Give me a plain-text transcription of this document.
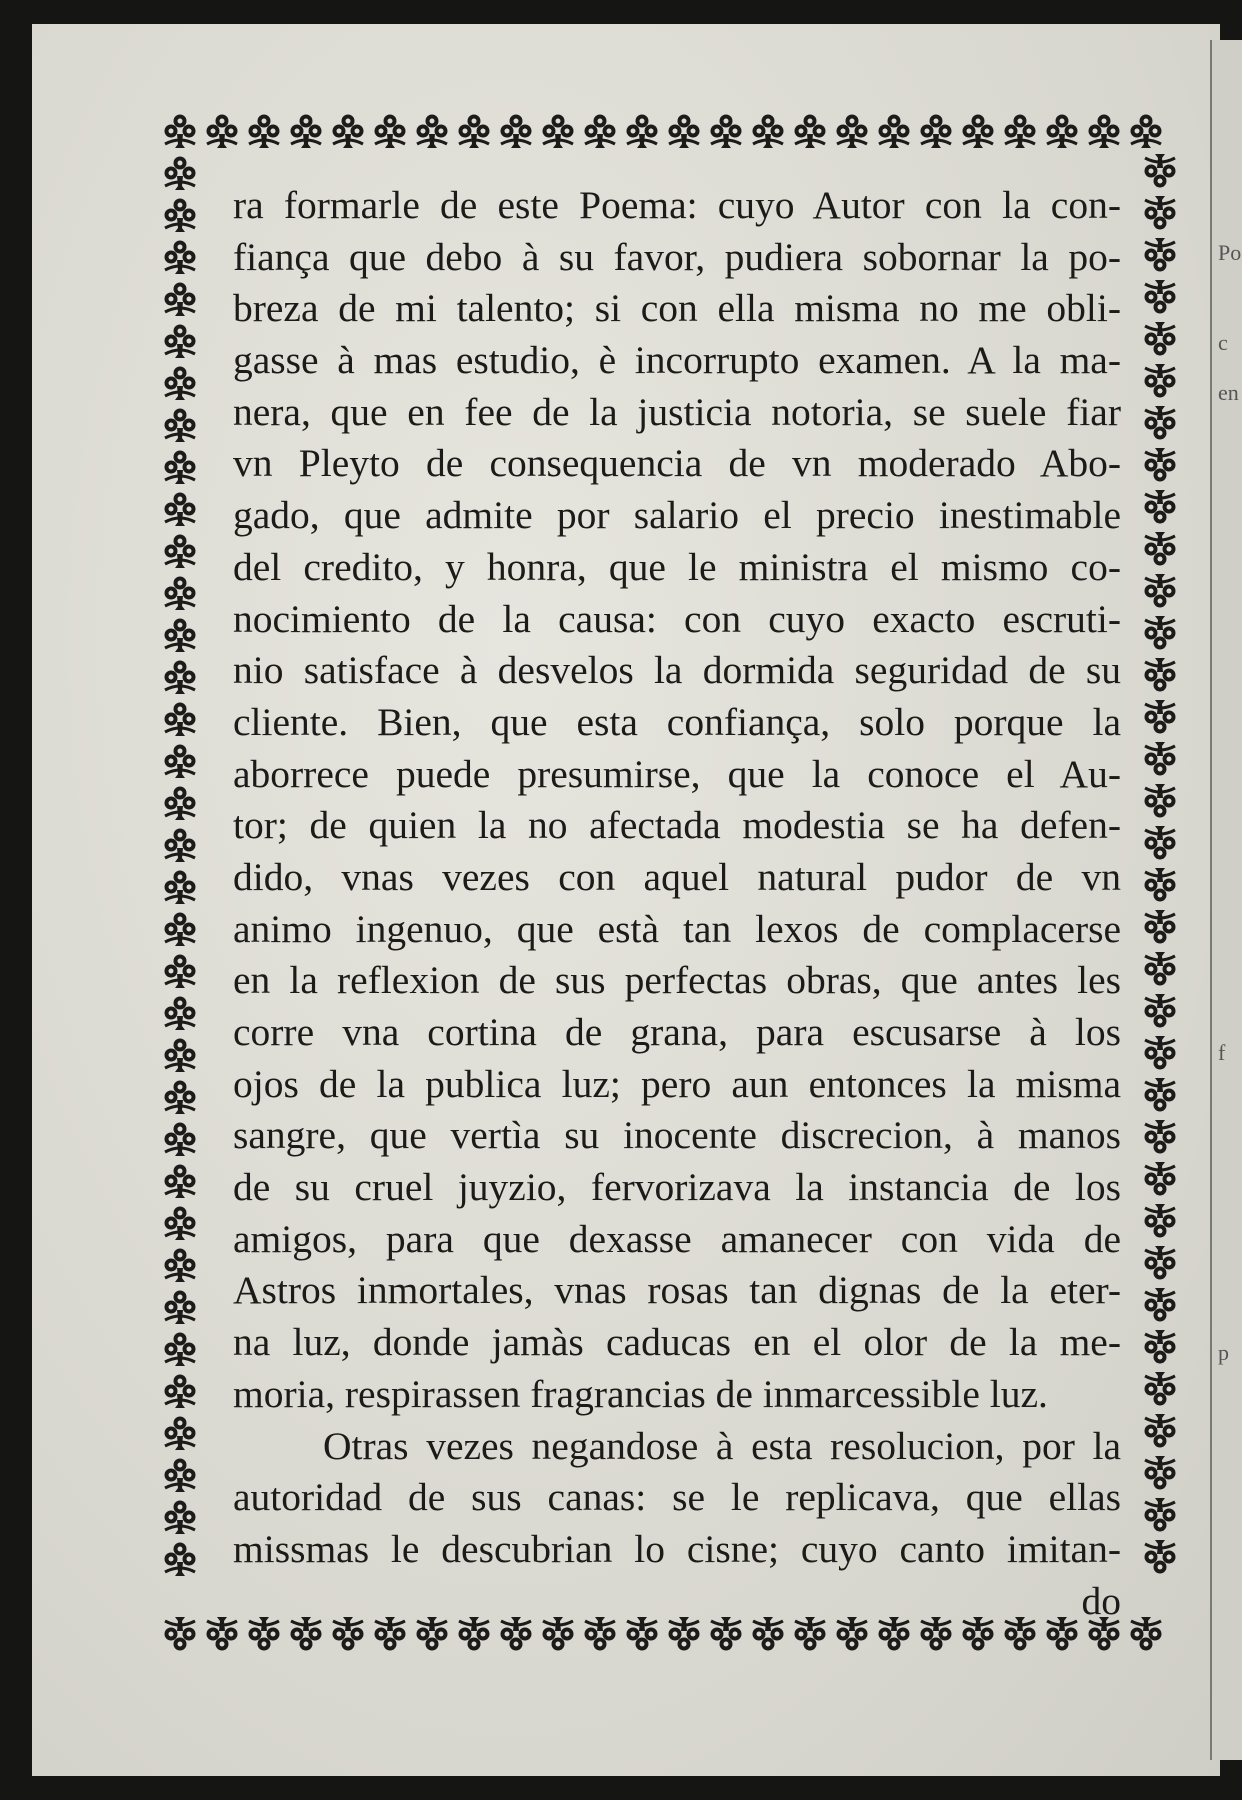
Po
c
en
f
p
ra formarle de este Poema: cuyo Autor con la con-
fiança que debo à su favor, pudiera sobornar la po-
breza de mi talento; si con ella misma no me obli-
gasse à mas estudio, è incorrupto examen. A la ma-
nera, que en fee de la justicia notoria, se suele fiar
vn Pleyto de consequencia de vn moderado Abo-
gado, que admite por salario el precio inestimable
del credito, y honra, que le ministra el mismo co-
nocimiento de la causa: con cuyo exacto escruti-
nio satisface à desvelos la dormida seguridad de su
cliente. Bien, que esta confiança, solo porque la
aborrece puede presumirse, que la conoce el Au-
tor; de quien la no afectada modestia se ha defen-
dido, vnas vezes con aquel natural pudor de vn
animo ingenuo, que està tan lexos de complacerse
en la reflexion de sus perfectas obras, que antes les
corre vna cortina de grana, para escusarse à los
ojos de la publica luz; pero aun entonces la misma
sangre, que vertìa su inocente discrecion, à manos
de su cruel juyzio, fervorizava la instancia de los
amigos, para que dexasse amanecer con vida de
Astros inmortales, vnas rosas tan dignas de la eter-
na luz, donde jamàs caducas en el olor de la me-
moria, respirassen fragrancias de inmarcessible luz.
Otras vezes negandose à esta resolucion, por la
autoridad de sus canas: se le replicava, que ellas
missmas le descubrian lo cisne; cuyo canto imitan-
do
